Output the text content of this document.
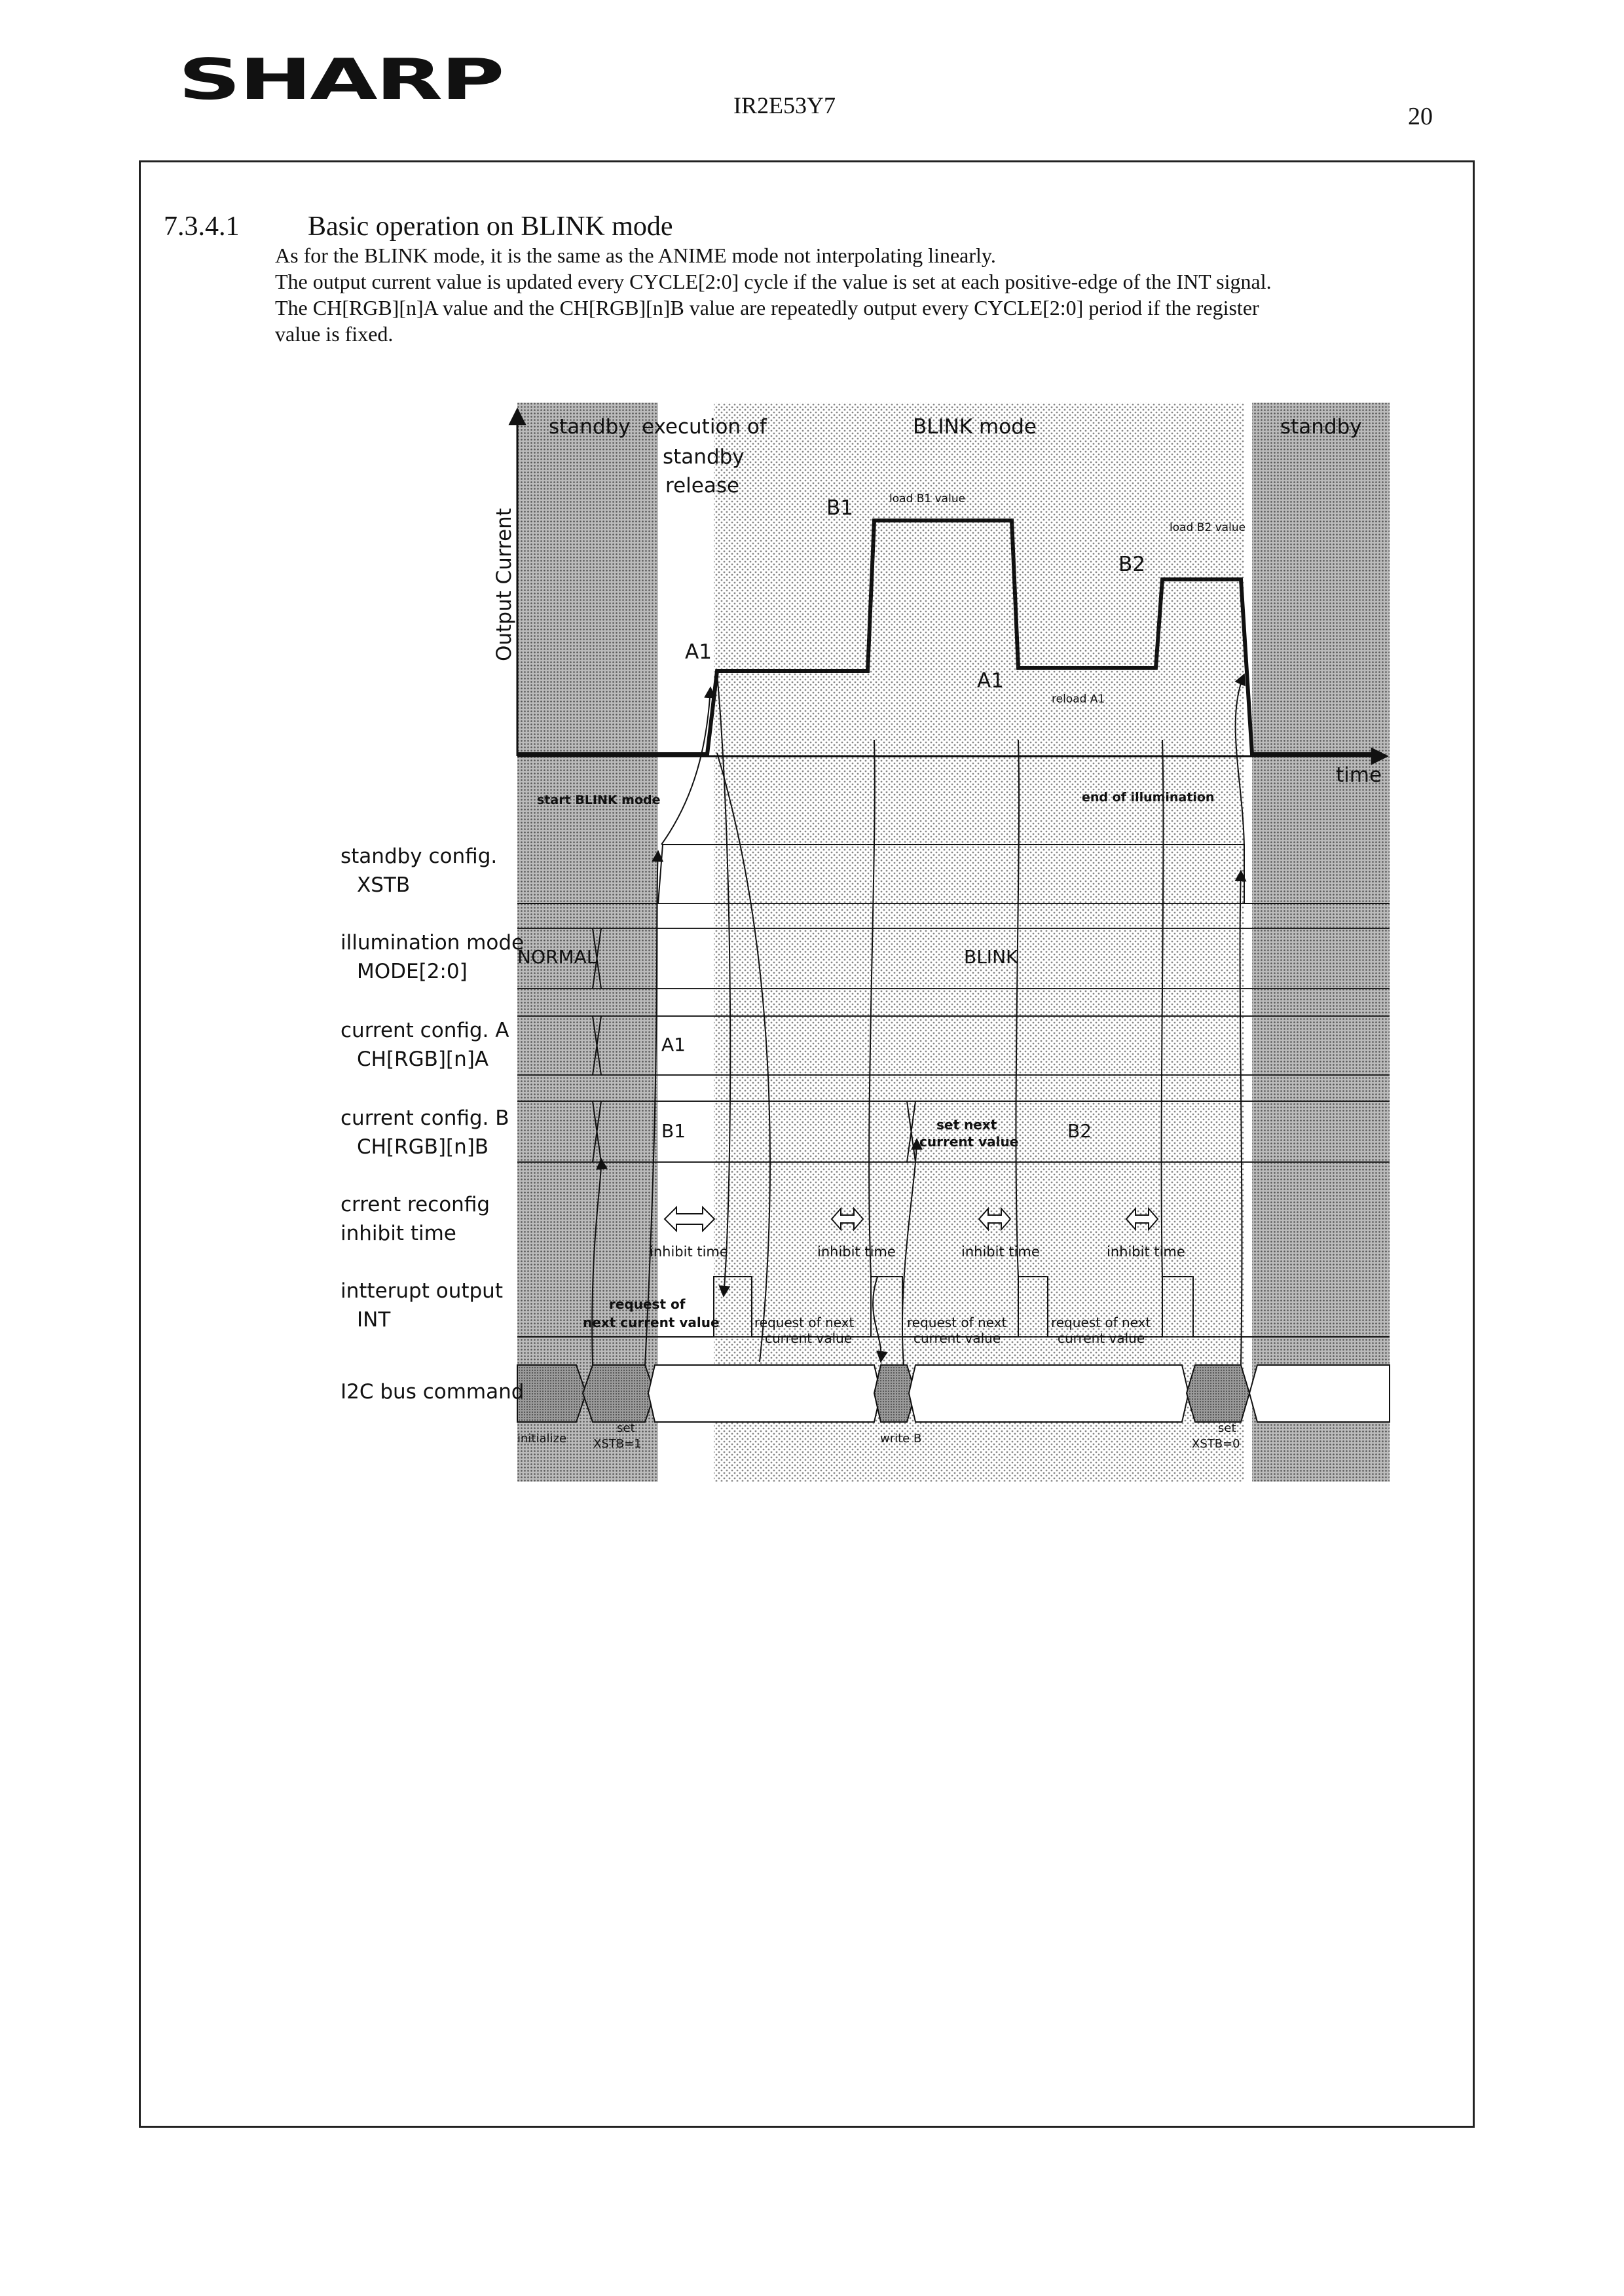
SHARP	IR2E53Y7	20
7.3.4.1 Basic operation on BLINK mode
As for the BLINK mode, it is the same as the ANIME mode not interpolating linearly.
The output current value is updated every CYCLE[2:0] cycle if the value is set at each positive-edge of the INT signal.
The CH[RGB][n]A value and the CH[RGB][n]B value are repeatedly output every CYCLE[2:0] period if the register
value is fixed.
Output Current
time
standby execution of
standby
release
BLINK mode	standby
A1
B1
A1
B2
load B1 value
load B2 value
reload A1
start BLINK mode	end of illumination
standby config.
XSTB
illumination mode
MODE[2:0]
current config. A
CH[RGB][n]A
current config. B
CH[RGB][n]B
crrent reconfig
inhibit time
intterupt output
INT
I2C bus command
NORMAL	BLINK
A1
B1	B2
set next
current value
inhibit time	inhibit time	inhibit time	inhibit time
request of
next current value	request of next
current value
request of next
current value
request of next
current value
initialize
set
XSTB=1	write B
set
XSTB=0
